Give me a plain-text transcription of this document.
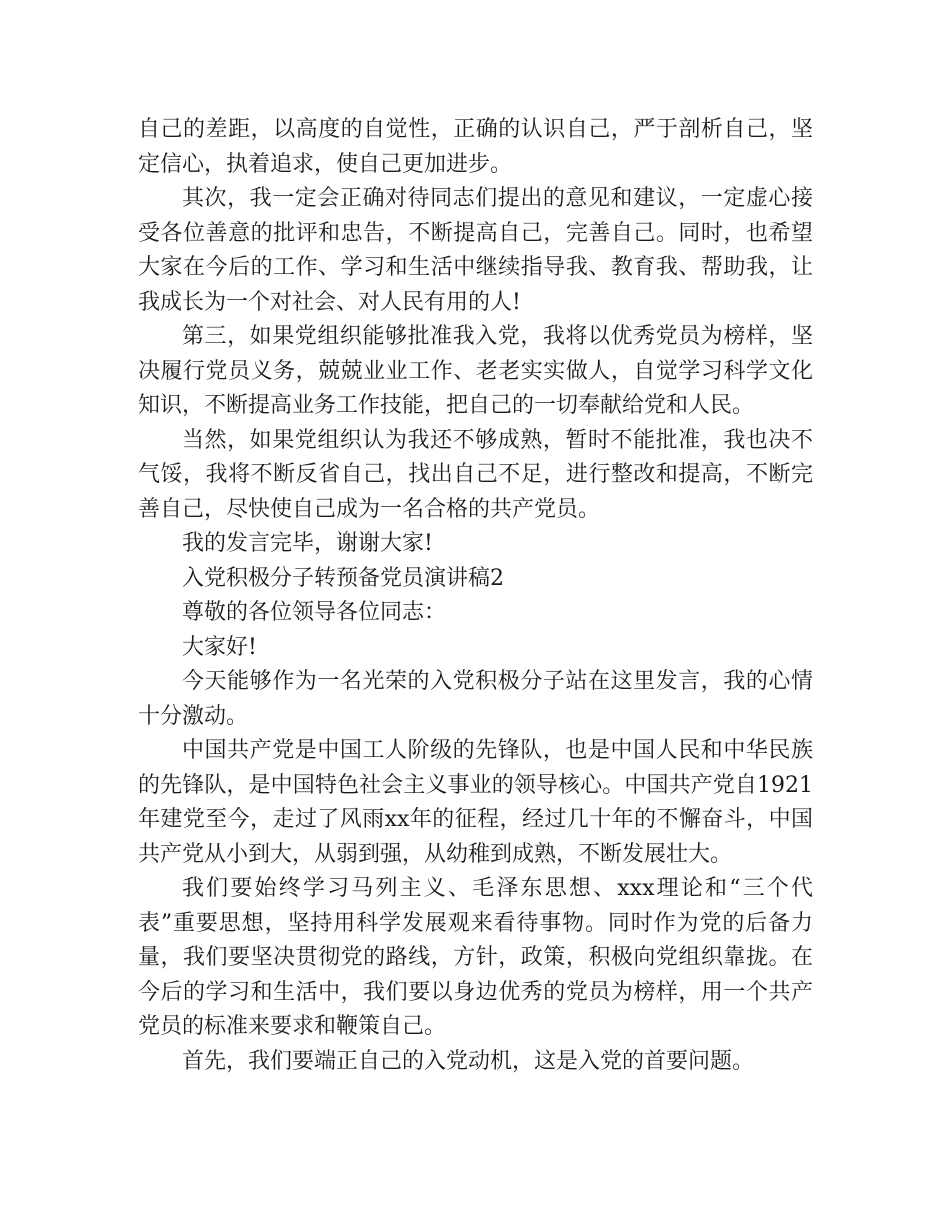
自己的差距，以高度的自觉性，正确的认识自己，严于剖析自己，坚定信心，执着追求，使自己更加进步。

其次，我一定会正确对待同志们提出的意见和建议，一定虚心接受各位善意的批评和忠告，不断提高自己，完善自己。同时，也希望大家在今后的工作、学习和生活中继续指导我、教育我、帮助我，让我成长为一个对社会、对人民有用的人!

第三，如果党组织能够批准我入党，我将以优秀党员为榜样，坚决履行党员义务，兢兢业业工作、老老实实做人，自觉学习科学文化知识，不断提高业务工作技能，把自己的一切奉献给党和人民。

当然，如果党组织认为我还不够成熟，暂时不能批准，我也决不气馁，我将不断反省自己，找出自己不足，进行整改和提高，不断完善自己，尽快使自己成为一名合格的共产党员。

我的发言完毕，谢谢大家!

入党积极分子转预备党员演讲稿2

尊敬的各位领导各位同志：

大家好!

今天能够作为一名光荣的入党积极分子站在这里发言，我的心情十分激动。

中国共产党是中国工人阶级的先锋队，也是中国人民和中华民族的先锋队，是中国特色社会主义事业的领导核心。中国共产党自1921年建党至今，走过了风雨xx年的征程，经过几十年的不懈奋斗，中国共产党从小到大，从弱到强，从幼稚到成熟，不断发展壮大。

我们要始终学习马列主义、毛泽东思想、xxx理论和“三个代表”重要思想，坚持用科学发展观来看待事物。同时作为党的后备力量，我们要坚决贯彻党的路线，方针，政策，积极向党组织靠拢。在今后的学习和生活中，我们要以身边优秀的党员为榜样，用一个共产党员的标准来要求和鞭策自己。

首先，我们要端正自己的入党动机，这是入党的首要问题。
